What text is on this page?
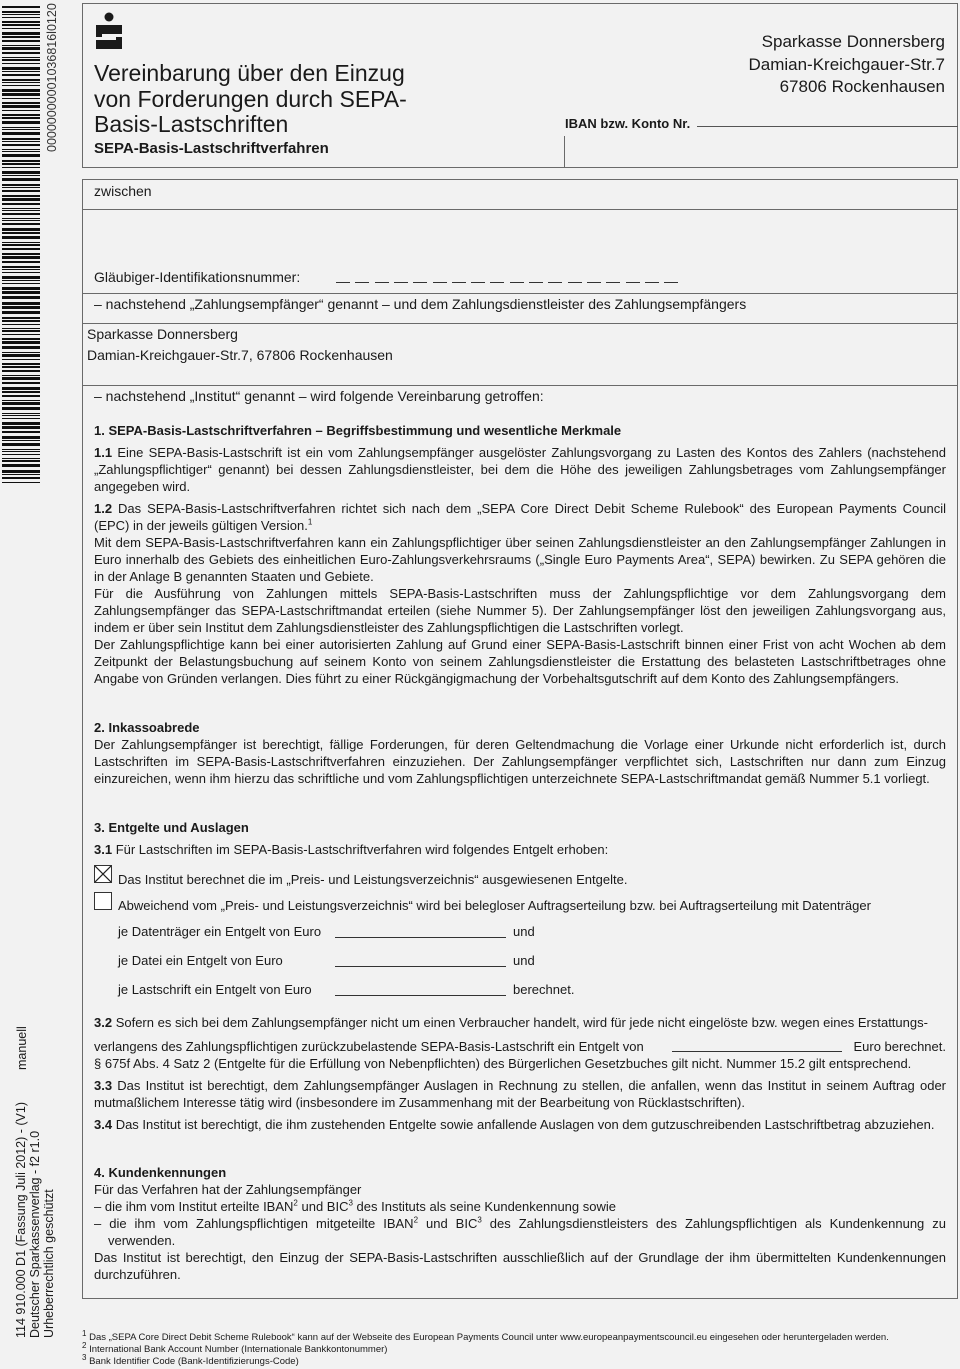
00000000001036816l0120
114 910.000 D1 (Fassung Juli 2012) - (V1) Deutscher Sparkassenverlag - f2 r1.0 Urheberrechtlich geschützt
manuell
Vereinbarung über den Einzug
von Forderungen durch SEPA-
Basis-Lastschriften
SEPA-Basis-Lastschriftverfahren
IBAN bzw. Konto Nr.
Sparkasse Donnersberg
Damian-Kreichgauer-Str.7
67806 Rockenhausen
zwischen
Gläubiger-Identifikationsnummer:
– nachstehend „Zahlungsempfänger“ genannt – und dem Zahlungsdienstleister des Zahlungsempfängers
Sparkasse Donnersberg
Damian-Kreichgauer-Str.7, 67806 Rockenhausen
– nachstehend „Institut“ genannt – wird folgende Vereinbarung getroffen:
1. SEPA-Basis-Lastschriftverfahren – Begriffsbestimmung und wesentliche Merkmale
1.1 Eine SEPA-Basis-Lastschrift ist ein vom Zahlungsempfänger ausgelöster Zahlungsvorgang zu Lasten des Kontos des Zahlers (nachstehend „Zahlungspflichtiger“ genannt) bei dessen Zahlungsdienstleister, bei dem die Höhe des jeweiligen Zahlungsbetrages vom Zahlungsempfänger angegeben wird.
1.2 Das SEPA-Basis-Lastschriftverfahren richtet sich nach dem „SEPA Core Direct Debit Scheme Rulebook“ des European Payments Council (EPC) in der jeweils gültigen Version.$^1$
Mit dem SEPA-Basis-Lastschriftverfahren kann ein Zahlungspflichtiger über seinen Zahlungsdienstleister an den Zahlungsempfänger Zahlungen in Euro innerhalb des Gebiets des einheitlichen Euro-Zahlungsverkehrsraums („Single Euro Payments Area“, SEPA) bewirken. Zu SEPA gehören die in der Anlage B genannten Staaten und Gebiete.
Für die Ausführung von Zahlungen mittels SEPA-Basis-Lastschriften muss der Zahlungspflichtige vor dem Zahlungsvorgang dem Zahlungsempfänger das SEPA-Lastschriftmandat erteilen (siehe Nummer 5). Der Zahlungsempfänger löst den jeweiligen Zahlungsvorgang aus, indem er über sein Institut dem Zahlungsdienstleister des Zahlungspflichtigen die Lastschriften vorlegt.
Der Zahlungspflichtige kann bei einer autorisierten Zahlung auf Grund einer SEPA-Basis-Lastschrift binnen einer Frist von acht Wochen ab dem Zeitpunkt der Belastungsbuchung auf seinem Konto von seinem Zahlungsdienstleister die Erstattung des belasteten Lastschriftbetrages ohne Angabe von Gründen verlangen. Dies führt zu einer Rückgängigmachung der Vorbehaltsgutschrift auf dem Konto des Zahlungsempfängers.
2. Inkassoabrede
Der Zahlungsempfänger ist berechtigt, fällige Forderungen, für deren Geltendmachung die Vorlage einer Urkunde nicht erforderlich ist, durch Lastschriften im SEPA-Basis-Lastschriftverfahren einzuziehen. Der Zahlungsempfänger verpflichtet sich, Lastschriften nur dann zum Einzug einzureichen, wenn ihm hierzu das schriftliche und vom Zahlungspflichtigen unterzeichnete SEPA-Lastschriftmandat gemäß Nummer 5.1 vorliegt.
3. Entgelte und Auslagen
3.1 Für Lastschriften im SEPA-Basis-Lastschriftverfahren wird folgendes Entgelt erhoben:
Das Institut berechnet die im „Preis- und Leistungsverzeichnis“ ausgewiesenen Entgelte.
Abweichend vom „Preis- und Leistungsverzeichnis“ wird bei belegloser Auftragserteilung bzw. bei Auftragserteilung mit Datenträger
je Datenträger ein Entgelt von Euro	und
je Datei ein Entgelt von Euro	und
je Lastschrift ein Entgelt von Euro	berechnet.
3.2 Sofern es sich bei dem Zahlungsempfänger nicht um einen Verbraucher handelt, wird für jede nicht eingelöste bzw. wegen eines Erstattungs-
verlangens des Zahlungspflichtigen zurückzubelastende SEPA-Basis-Lastschrift ein Entgelt von	Euro berechnet.
§ 675f Abs. 4 Satz 2 (Entgelte für die Erfüllung von Nebenpflichten) des Bürgerlichen Gesetzbuches gilt nicht. Nummer 15.2 gilt entsprechend.
3.3 Das Institut ist berechtigt, dem Zahlungsempfänger Auslagen in Rechnung zu stellen, die anfallen, wenn das Institut in seinem Auftrag oder mutmaßlichem Interesse tätig wird (insbesondere im Zusammenhang mit der Bearbeitung von Rücklastschriften).
3.4 Das Institut ist berechtigt, die ihm zustehenden Entgelte sowie anfallende Auslagen von dem gutzuschreibenden Lastschriftbetrag abzuziehen.
4. Kundenkennungen
Für das Verfahren hat der Zahlungsempfänger
– die ihm vom Institut erteilte IBAN$^2$ und BIC$^3$ des Instituts als seine Kundenkennung sowie
– die ihm vom Zahlungspflichtigen mitgeteilte IBAN$^2$ und BIC$^3$ des Zahlungsdienstleisters des Zahlungspflichtigen als Kundenkennung zu verwenden.
Das Institut ist berechtigt, den Einzug der SEPA-Basis-Lastschriften ausschließlich auf der Grundlage der ihm übermittelten Kundenkennungen durchzuführen.
$^1$ Das „SEPA Core Direct Debit Scheme Rulebook“ kann auf der Webseite des European Payments Council unter www.europeanpaymentscouncil.eu eingesehen oder heruntergeladen werden.
$^2$ International Bank Account Number (Internationale Bankkontonummer)
$^3$ Bank Identifier Code (Bank-Identifizierungs-Code)
